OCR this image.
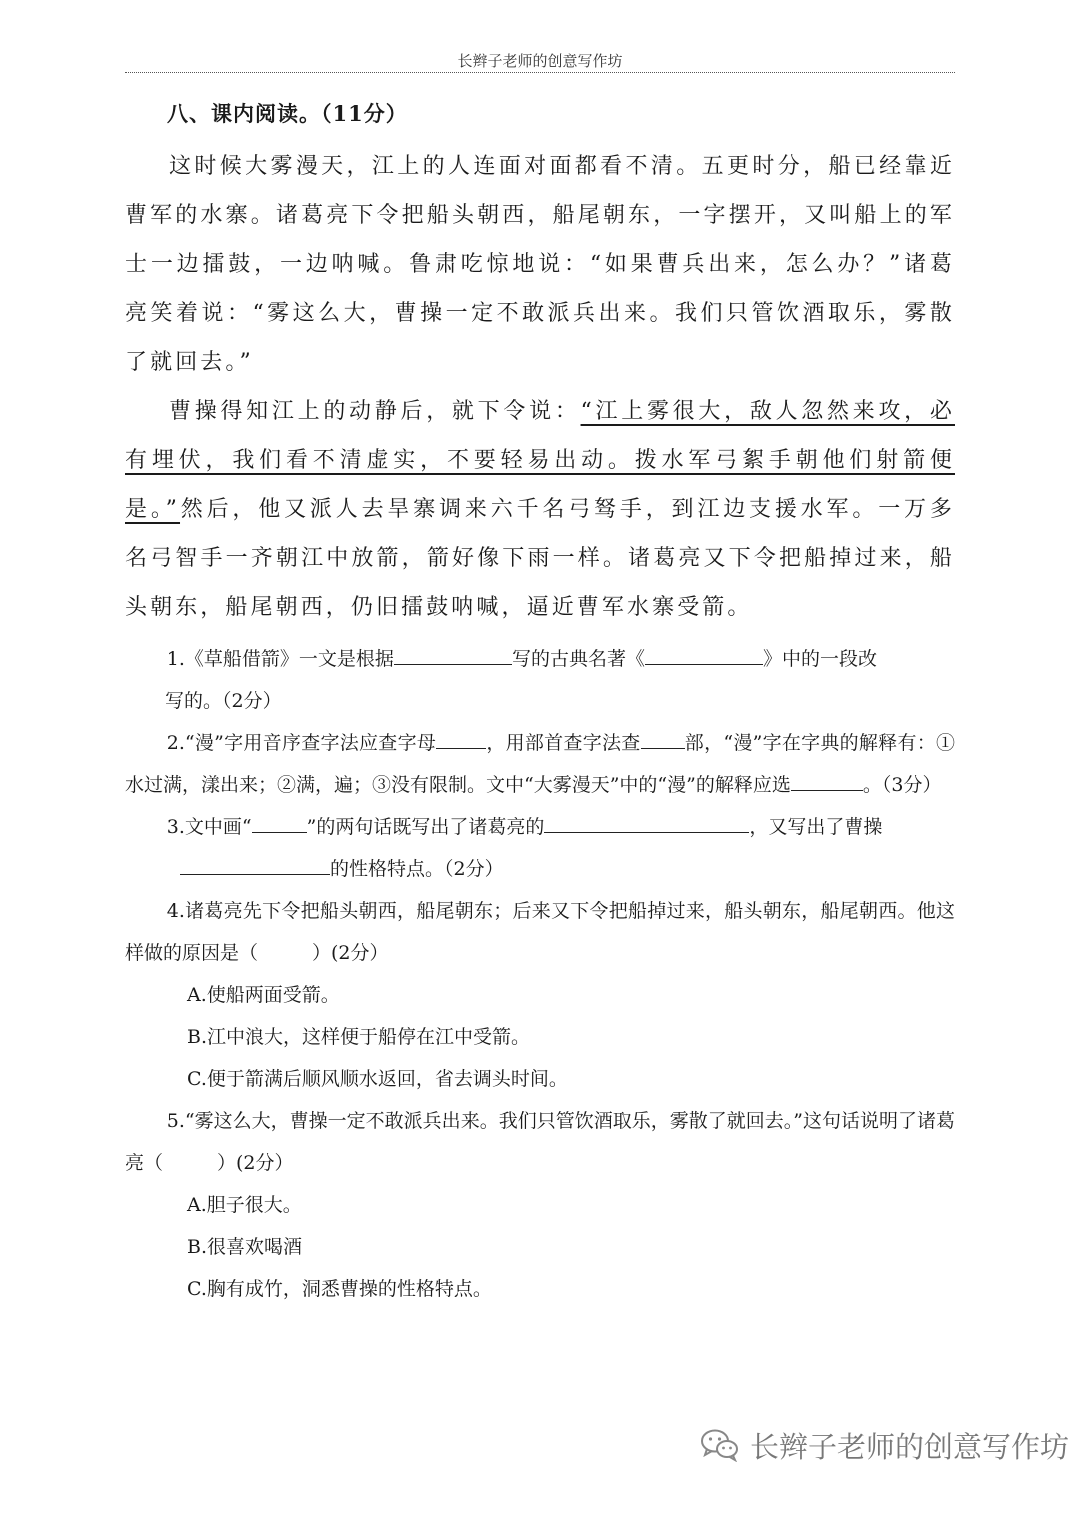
长辫子老师的创意写作坊
八、课内阅读。（11分）

这时候大雾漫天，江上的人连面对面都看不清。五更时分，船已经靠近曹军的水寨。诸葛亮下令把船头朝西，船尾朝东，一字摆开，又叫船上的军士一边擂鼓，一边呐喊。鲁肃吃惊地说：“如果曹兵出来，怎么办？”诸葛亮笑着说：“雾这么大，曹操一定不敢派兵出来。我们只管饮酒取乐，雾散了就回去。”

曹操得知江上的动静后，就下令说：“江上雾很大，敌人忽然来攻，必有埋伏，我们看不清虚实，不要轻易出动。拨水军弓絮手朝他们射箭便是。”然后，他又派人去旱寨调来六千名弓驽手，到江边支援水军。一万多名弓智手一齐朝江中放箭，箭好像下雨一样。诸葛亮又下令把船掉过来，船头朝东，船尾朝西，仍旧擂鼓呐喊，逼近曹军水寨受箭。

1.《草船借箭》一文是根据	写的古典名著《	》中的一段改

写的。（2分）

2.“漫”字用音序查字法应查字母	，用部首查字法查 部，“漫”字在字典的解释有：①水过满，漾出来；②满，遍；③没有限制。文中“大雾漫天”中的“漫”的解释应选	。（3分）

3.文中画“	”的两句话既写出了诸葛亮的	，又写出了曹操

的性格特点。（2分）

4.诸葛亮先下令把船头朝西，船尾朝东；后来又下令把船掉过来，船头朝东，船尾朝西。他这样做的原因是（	）(2分）

A.使船两面受箭。

B.江中浪大，这样便于船停在江中受箭。

C.便于箭满后顺风顺水返回，省去调头时间。

5.“雾这么大，曹操一定不敢派兵出来。我们只管饮酒取乐，雾散了就回去。”这句话说明了诸葛亮（	）(2分）

A.胆子很大。

B.很喜欢喝酒

C.胸有成竹，洞悉曹操的性格特点。

长辫子老师的创意写作坊
